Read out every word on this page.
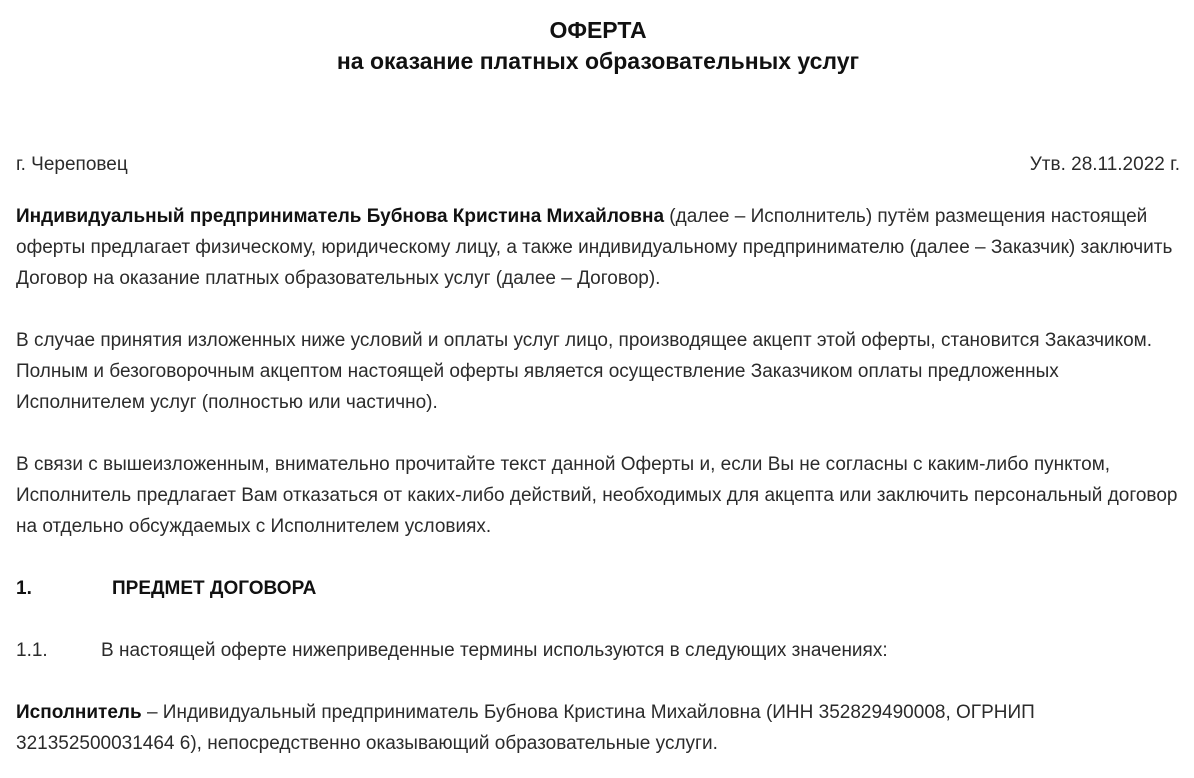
ОФЕРТА
на оказание платных образовательных услуг
г. Череповец	Утв. 28.11.2022 г.

Индивидуальный предприниматель Бубнова Кристина Михайловна (далее – Исполнитель) путём размещения настоящей оферты предлагает физическому, юридическому лицу, а также индивидуальному предпринимателю (далее – Заказчик) заключить Договор на оказание платных образовательных услуг (далее – Договор).

В случае принятия изложенных ниже условий и оплаты услуг лицо, производящее акцепт этой оферты, становится Заказчиком. Полным и безоговорочным акцептом настоящей оферты является осуществление Заказчиком оплаты предложенных Исполнителем услуг (полностью или частично).

В связи с вышеизложенным, внимательно прочитайте текст данной Оферты и, если Вы не согласны с каким-либо пунктом, Исполнитель предлагает Вам отказаться от каких-либо действий, необходимых для акцепта или заключить персональный договор на отдельно обсуждаемых с Исполнителем условиях.

1.	ПРЕДМЕТ ДОГОВОРА
1.1.	В настоящей оферте нижеприведенные термины используются в следующих значениях:

Исполнитель – Индивидуальный предприниматель Бубнова Кристина Михайловна (ИНН 352829490008, ОГРНИП 321352500031464 6), непосредственно оказывающий образовательные услуги.
